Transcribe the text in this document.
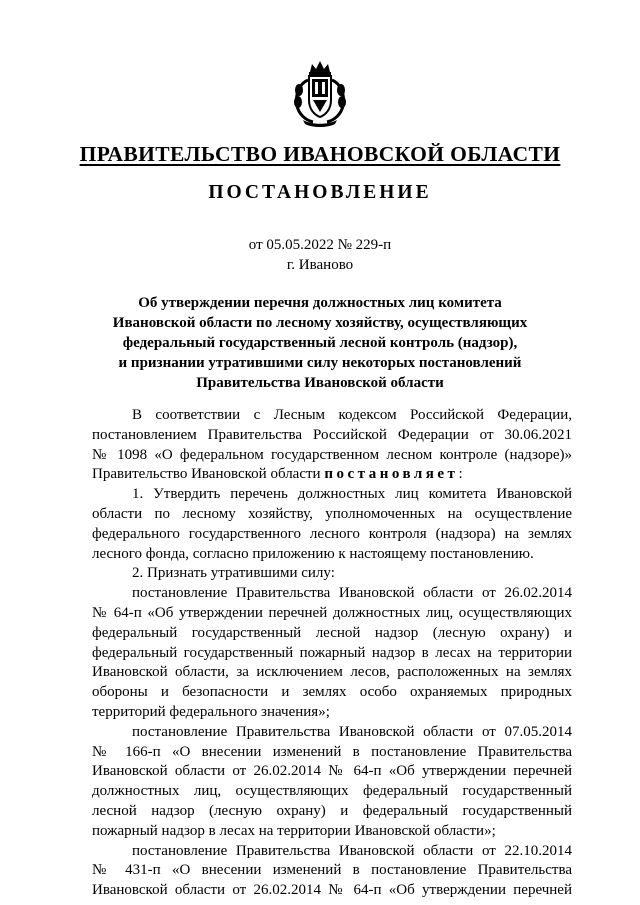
ПРАВИТЕЛЬСТВО ИВАНОВСКОЙ ОБЛАСТИ
ПОСТАНОВЛЕНИЕ
от 05.05.2022 № 229-п
г. Иваново
Об утверждении перечня должностных лиц комитета
Ивановской области по лесному хозяйству, осуществляющих
федеральный государственный лесной контроль (надзор),
и признании утратившими силу некоторых постановлений
Правительства Ивановской области
В соответствии с Лесным кодексом Российской Федерации,
постановлением Правительства Российской Федерации от 30.06.2021
№ 1098 «О федеральном государственном лесном контроле (надзоре)»
Правительство Ивановской области постановляет:
1. Утвердить перечень должностных лиц комитета Ивановской
области по лесному хозяйству, уполномоченных на осуществление
федерального государственного лесного контроля (надзора) на землях
лесного фонда, согласно приложению к настоящему постановлению.
2. Признать утратившими силу:
постановление Правительства Ивановской области от 26.02.2014
№ 64-п «Об утверждении перечней должностных лиц, осуществляющих
федеральный государственный лесной надзор (лесную охрану) и
федеральный государственный пожарный надзор в лесах на территории
Ивановской области, за исключением лесов, расположенных на землях
обороны и безопасности и землях особо охраняемых природных
территорий федерального значения»;
постановление Правительства Ивановской области от 07.05.2014
№ 166-п «О внесении изменений в постановление Правительства
Ивановской области от 26.02.2014 № 64-п «Об утверждении перечней
должностных лиц, осуществляющих федеральный государственный
лесной надзор (лесную охрану) и федеральный государственный
пожарный надзор в лесах на территории Ивановской области»;
постановление Правительства Ивановской области от 22.10.2014
№ 431-п «О внесении изменений в постановление Правительства
Ивановской области от 26.02.2014 № 64-п «Об утверждении перечней
